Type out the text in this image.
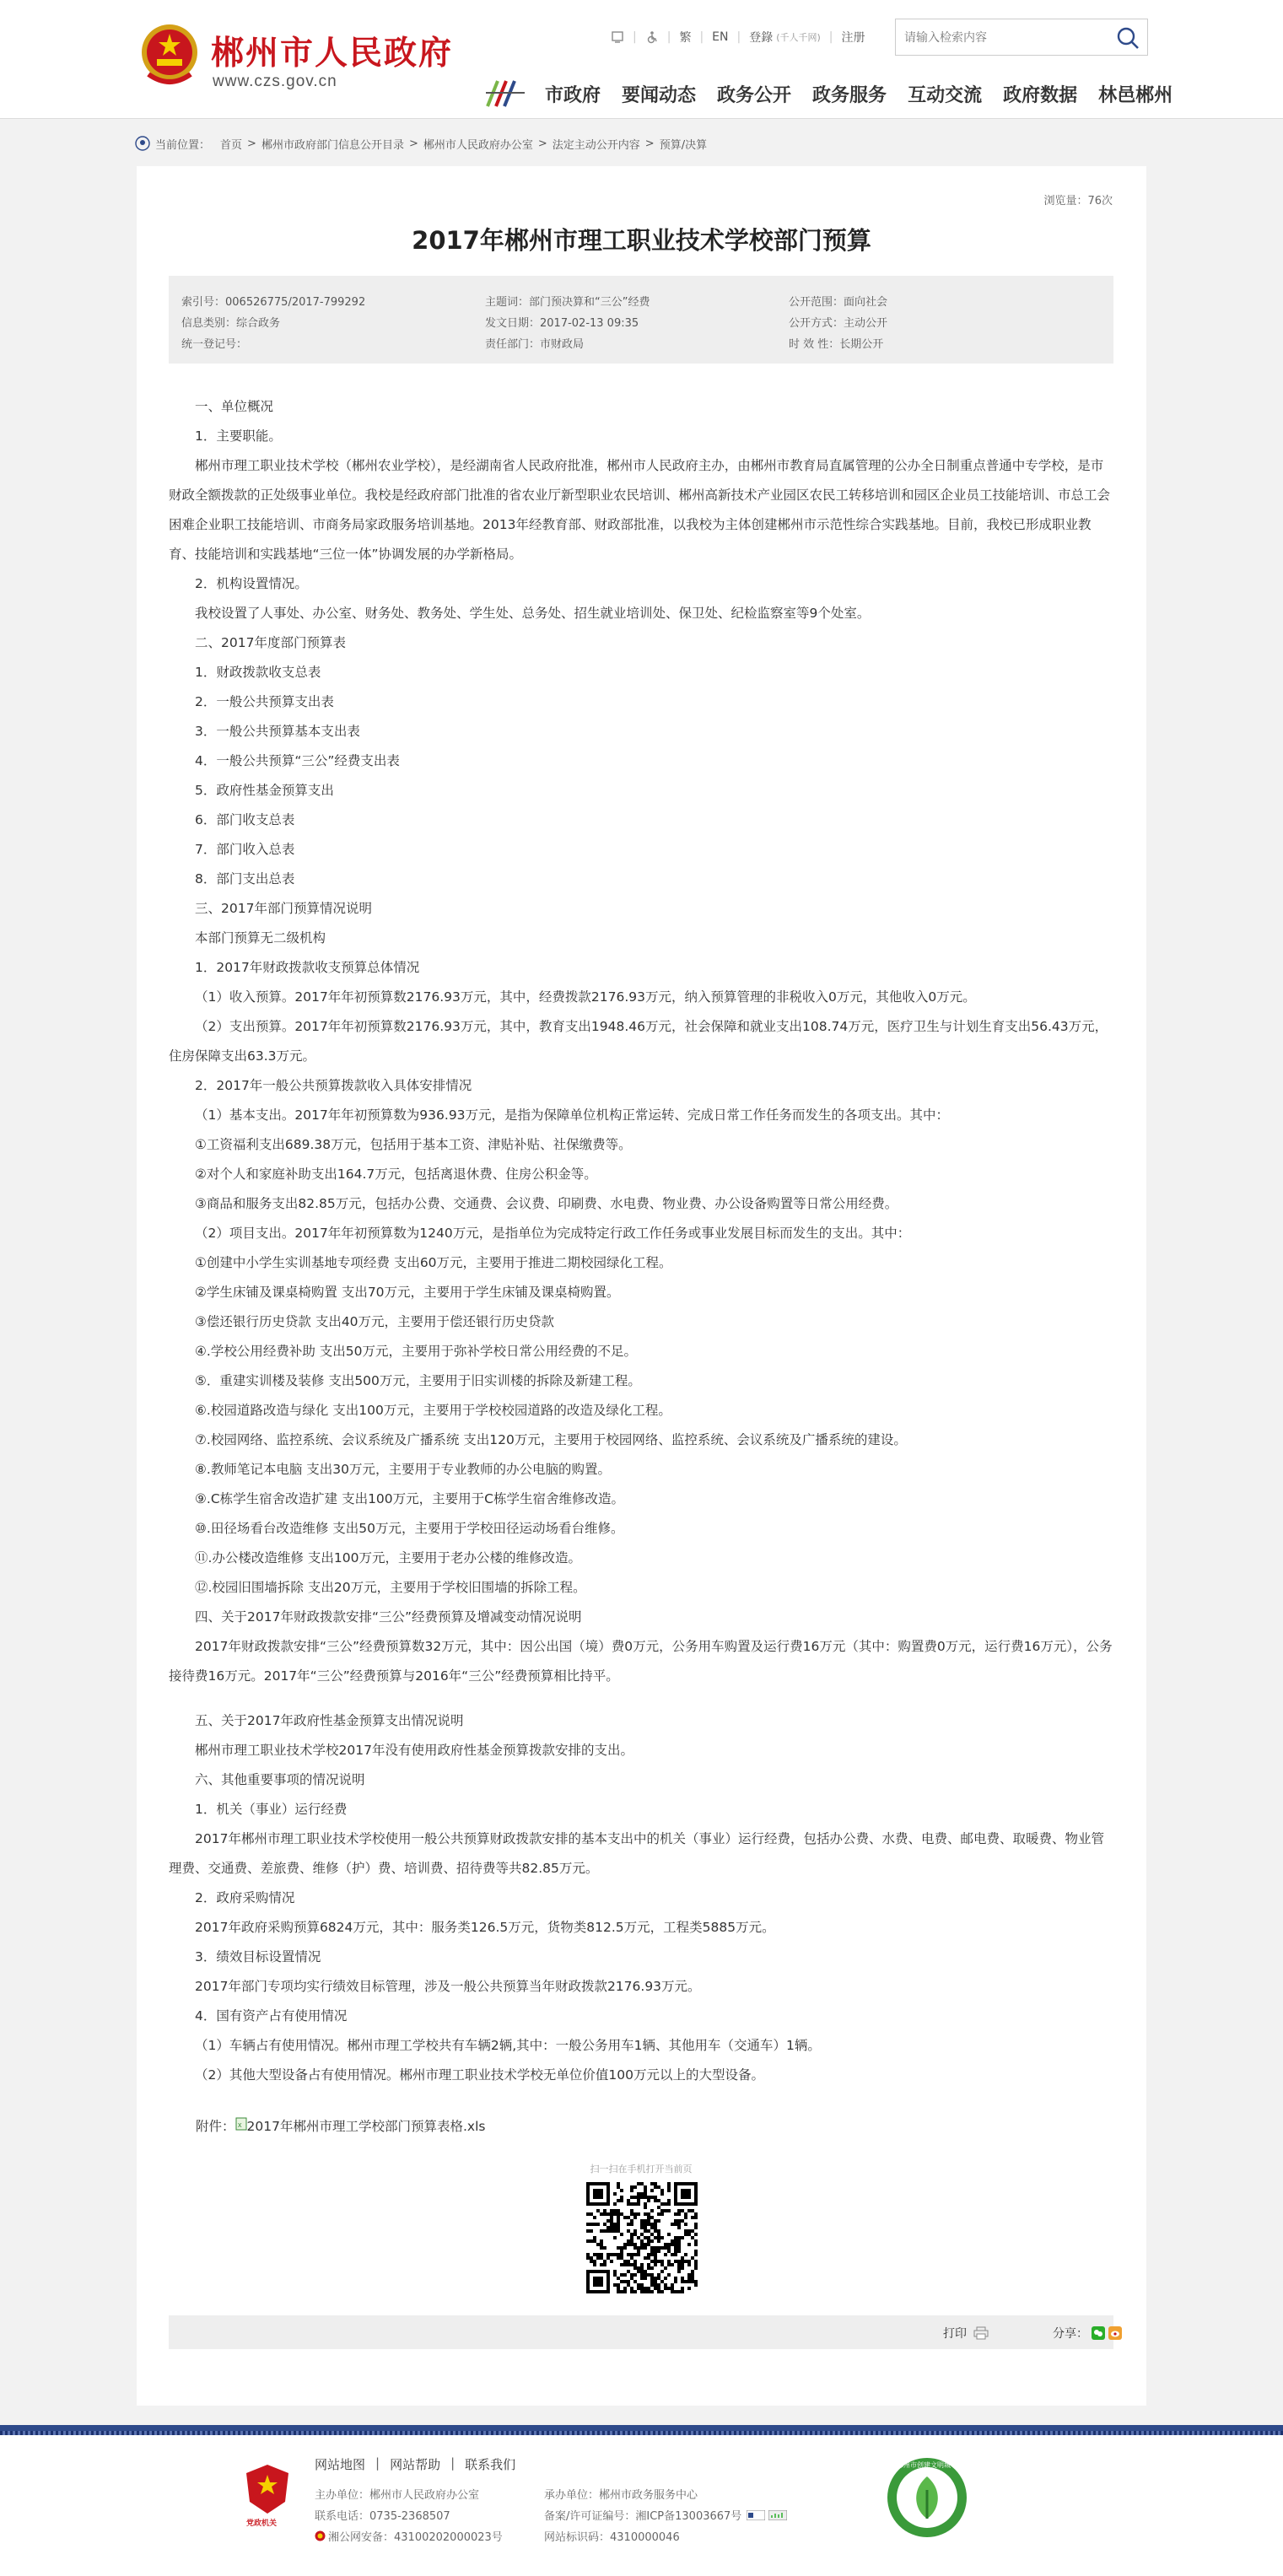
郴州市人民政府
www.czs.gov.cn
|	| 繁 | EN | 登錄 (千人千网) | 注册
请输入检索内容
市政府 要闻动态 政务公开 政务服务 互动交流 政府数据 林邑郴州
当前位置： 首页 > 郴州市政府部门信息公开目录 > 郴州市人民政府办公室 > 法定主动公开内容 > 预算/决算
浏览量：76次
2017年郴州市理工职业技术学校部门预算
索引号：006526775/2017-799292
信息类别：综合政务
统一登记号：
主题词：部门预决算和“三公”经费
发文日期：2017-02-13 09:35
责任部门：市财政局
公开范围：面向社会
公开方式：主动公开
时 效 性：长期公开

一、单位概况

1．主要职能。

郴州市理工职业技术学校（郴州农业学校），是经湖南省人民政府批准，郴州市人民政府主办，由郴州市教育局直属管理的公办全日制重点普通中专学校，是市财政全额拨款的正处级事业单位。我校是经政府部门批准的省农业厅新型职业农民培训、郴州高新技术产业园区农民工转移培训和园区企业员工技能培训、市总工会困难企业职工技能培训、市商务局家政服务培训基地。2013年经教育部、财政部批准，以我校为主体创建郴州市示范性综合实践基地。目前，我校已形成职业教育、技能培训和实践基地“三位一体”协调发展的办学新格局。

2．机构设置情况。

我校设置了人事处、办公室、财务处、教务处、学生处、总务处、招生就业培训处、保卫处、纪检监察室等9个处室。

二、2017年度部门预算表

1．财政拨款收支总表

2．一般公共预算支出表

3．一般公共预算基本支出表

4．一般公共预算“三公”经费支出表

5．政府性基金预算支出

6．部门收支总表

7．部门收入总表

8．部门支出总表

三、2017年部门预算情况说明

本部门预算无二级机构

1．2017年财政拨款收支预算总体情况

（1）收入预算。2017年年初预算数2176.93万元，其中，经费拨款2176.93万元，纳入预算管理的非税收入0万元，其他收入0万元。

（2）支出预算。2017年年初预算数2176.93万元，其中，教育支出1948.46万元，社会保障和就业支出108.74万元，医疗卫生与计划生育支出56.43万元，住房保障支出63.3万元。

2．2017年一般公共预算拨款收入具体安排情况

（1）基本支出。2017年年初预算数为936.93万元，是指为保障单位机构正常运转、完成日常工作任务而发生的各项支出。其中：

①工资福利支出689.38万元，包括用于基本工资、津贴补贴、社保缴费等。

②对个人和家庭补助支出164.7万元，包括离退休费、住房公积金等。

③商品和服务支出82.85万元，包括办公费、交通费、会议费、印刷费、水电费、物业费、办公设备购置等日常公用经费。

（2）项目支出。2017年年初预算数为1240万元，是指单位为完成特定行政工作任务或事业发展目标而发生的支出。其中：

①创建中小学生实训基地专项经费 支出60万元，主要用于推进二期校园绿化工程。

②学生床铺及课桌椅购置 支出70万元，主要用于学生床铺及课桌椅购置。

③偿还银行历史贷款 支出40万元，主要用于偿还银行历史贷款

④.学校公用经费补助 支出50万元，主要用于弥补学校日常公用经费的不足。

⑤．重建实训楼及装修 支出500万元，主要用于旧实训楼的拆除及新建工程。

⑥.校园道路改造与绿化 支出100万元，主要用于学校校园道路的改造及绿化工程。

⑦.校园网络、监控系统、会议系统及广播系统 支出120万元，主要用于校园网络、监控系统、会议系统及广播系统的建设。

⑧.教师笔记本电脑 支出30万元，主要用于专业教师的办公电脑的购置。

⑨.C栋学生宿舍改造扩建 支出100万元，主要用于C栋学生宿舍维修改造。

⑩.田径场看台改造维修 支出50万元，主要用于学校田径运动场看台维修。

⑪.办公楼改造维修 支出100万元，主要用于老办公楼的维修改造。

⑫.校园旧围墙拆除 支出20万元，主要用于学校旧围墙的拆除工程。

四、关于2017年财政拨款安排“三公”经费预算及增减变动情况说明

2017年财政拨款安排“三公”经费预算数32万元，其中：因公出国（境）费0万元，公务用车购置及运行费16万元（其中：购置费0万元，运行费16万元），公务接待费16万元。2017年“三公”经费预算与2016年“三公”经费预算相比持平。

五、关于2017年政府性基金预算支出情况说明

郴州市理工职业技术学校2017年没有使用政府性基金预算拨款安排的支出。

六、其他重要事项的情况说明

1．机关（事业）运行经费

2017年郴州市理工职业技术学校使用一般公共预算财政拨款安排的基本支出中的机关（事业）运行经费，包括办公费、水费、电费、邮电费、取暖费、物业管理费、交通费、差旅费、维修（护）费、培训费、招待费等共82.85万元。

2．政府采购情况

2017年政府采购预算6824万元，其中：服务类126.5万元，货物类812.5万元，工程类5885万元。

3．绩效目标设置情况

2017年部门专项均实行绩效目标管理，涉及一般公共预算当年财政拨款2176.93万元。

4．国有资产占有使用情况

（1）车辆占有使用情况。郴州市理工学校共有车辆2辆,其中：一般公务用车1辆、其他用车（交通车）1辆。

（2）其他大型设备占有使用情况。郴州市理工职业技术学校无单位价值100万元以上的大型设备。

附件： x 2017年郴州市理工学校部门预算表格.xls
扫一扫在手机打开当前页
打印	分享：
党政机关
网站地图 | 网站帮助 | 联系我们
主办单位：郴州市人民政府办公室
联系电话：0735-2368507
湘公网安备：43100202000023号
承办单位：郴州市政务服务中心
备案/许可证编号：湘ICP备13003667号
网站标识码：4310000046
郴州市创建文明城市
